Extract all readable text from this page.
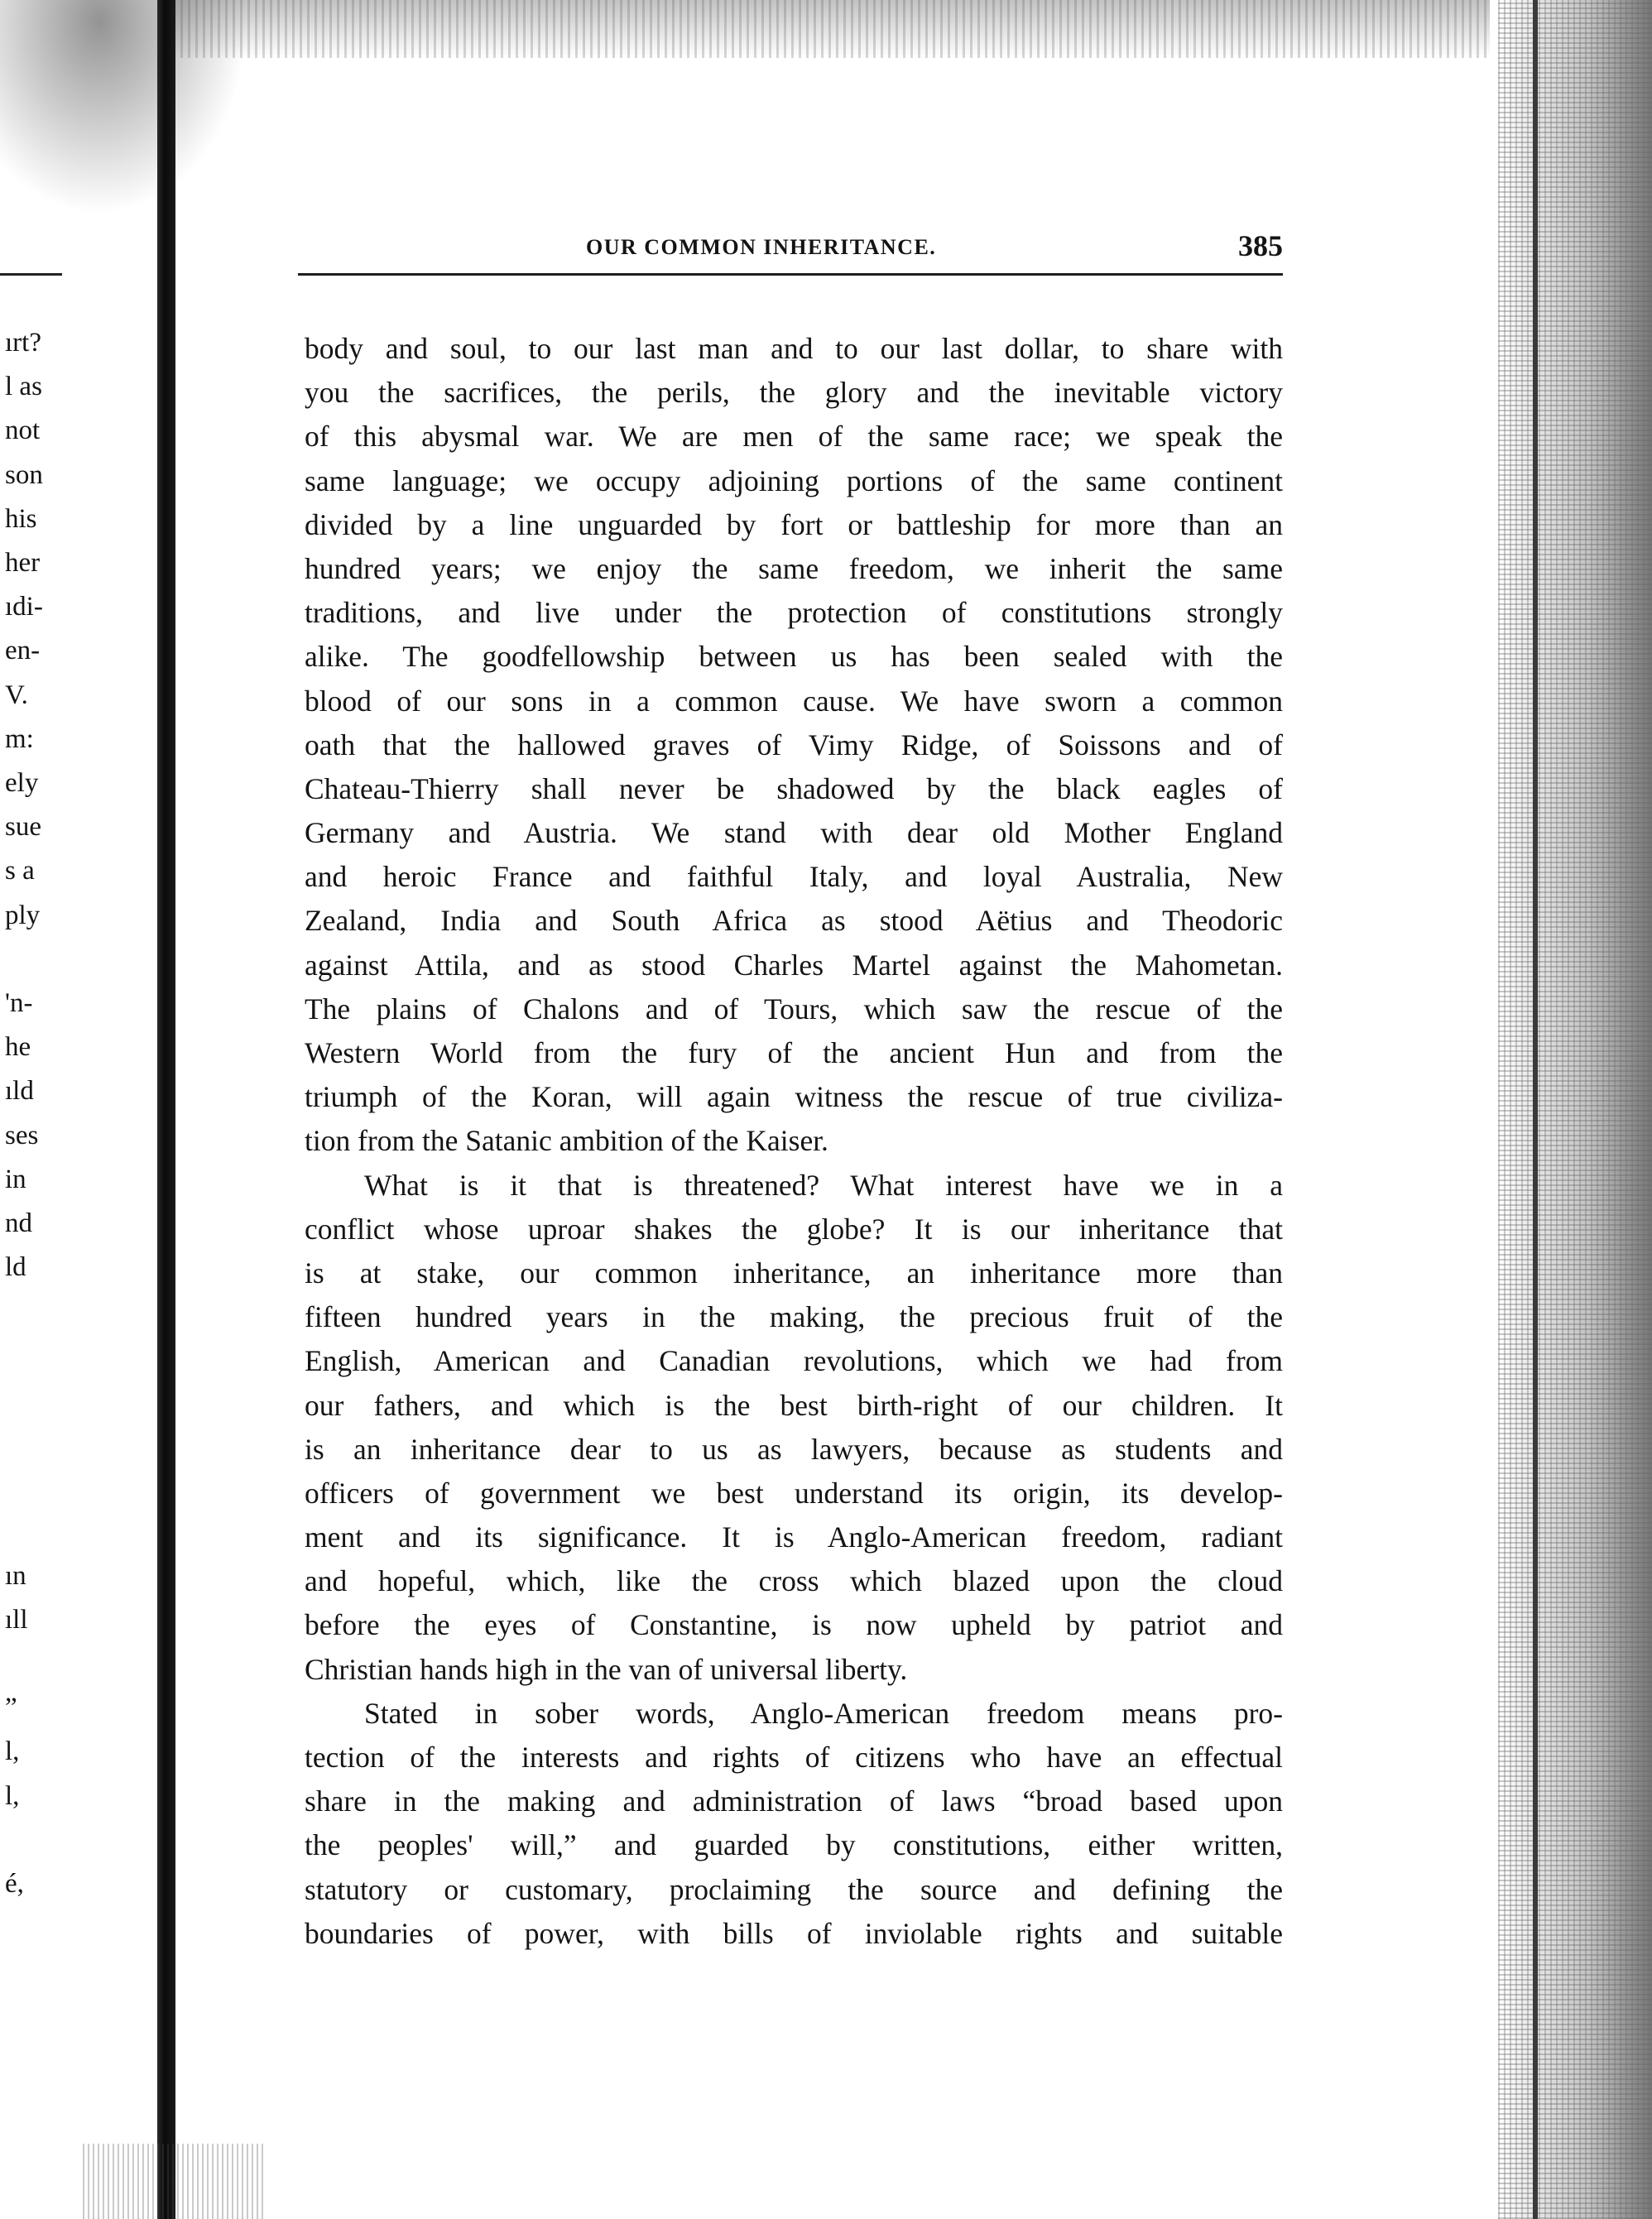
ırt?
l as
not
son
his
her
ıdi-
en-
V.
m:
ely
sue
s a
ply
'n-
he
ıld
ses
in
nd
ld
ın
ıll
”
l,
l,
é,
OUR COMMON INHERITANCE.	385
body and soul, to our last man and to our last dollar, to share with
you the sacrifices, the perils, the glory and the inevitable victory
of this abysmal war. We are men of the same race; we speak the
same language; we occupy adjoining portions of the same continent
divided by a line unguarded by fort or battleship for more than an
hundred years; we enjoy the same freedom, we inherit the same
traditions, and live under the protection of constitutions strongly
alike. The goodfellowship between us has been sealed with the
blood of our sons in a common cause. We have sworn a common
oath that the hallowed graves of Vimy Ridge, of Soissons and of
Chateau-Thierry shall never be shadowed by the black eagles of
Germany and Austria. We stand with dear old Mother England
and heroic France and faithful Italy, and loyal Australia, New
Zealand, India and South Africa as stood Aëtius and Theodoric
against Attila, and as stood Charles Martel against the Mahometan.
The plains of Chalons and of Tours, which saw the rescue of the
Western World from the fury of the ancient Hun and from the
triumph of the Koran, will again witness the rescue of true civiliza-
tion from the Satanic ambition of the Kaiser.
What is it that is threatened? What interest have we in a
conflict whose uproar shakes the globe? It is our inheritance that
is at stake, our common inheritance, an inheritance more than
fifteen hundred years in the making, the precious fruit of the
English, American and Canadian revolutions, which we had from
our fathers, and which is the best birth-right of our children. It
is an inheritance dear to us as lawyers, because as students and
officers of government we best understand its origin, its develop-
ment and its significance. It is Anglo-American freedom, radiant
and hopeful, which, like the cross which blazed upon the cloud
before the eyes of Constantine, is now upheld by patriot and
Christian hands high in the van of universal liberty.
Stated in sober words, Anglo-American freedom means pro-
tection of the interests and rights of citizens who have an effectual
share in the making and administration of laws “broad based upon
the peoples' will,” and guarded by constitutions, either written,
statutory or customary, proclaiming the source and defining the
boundaries of power, with bills of inviolable rights and suitable
